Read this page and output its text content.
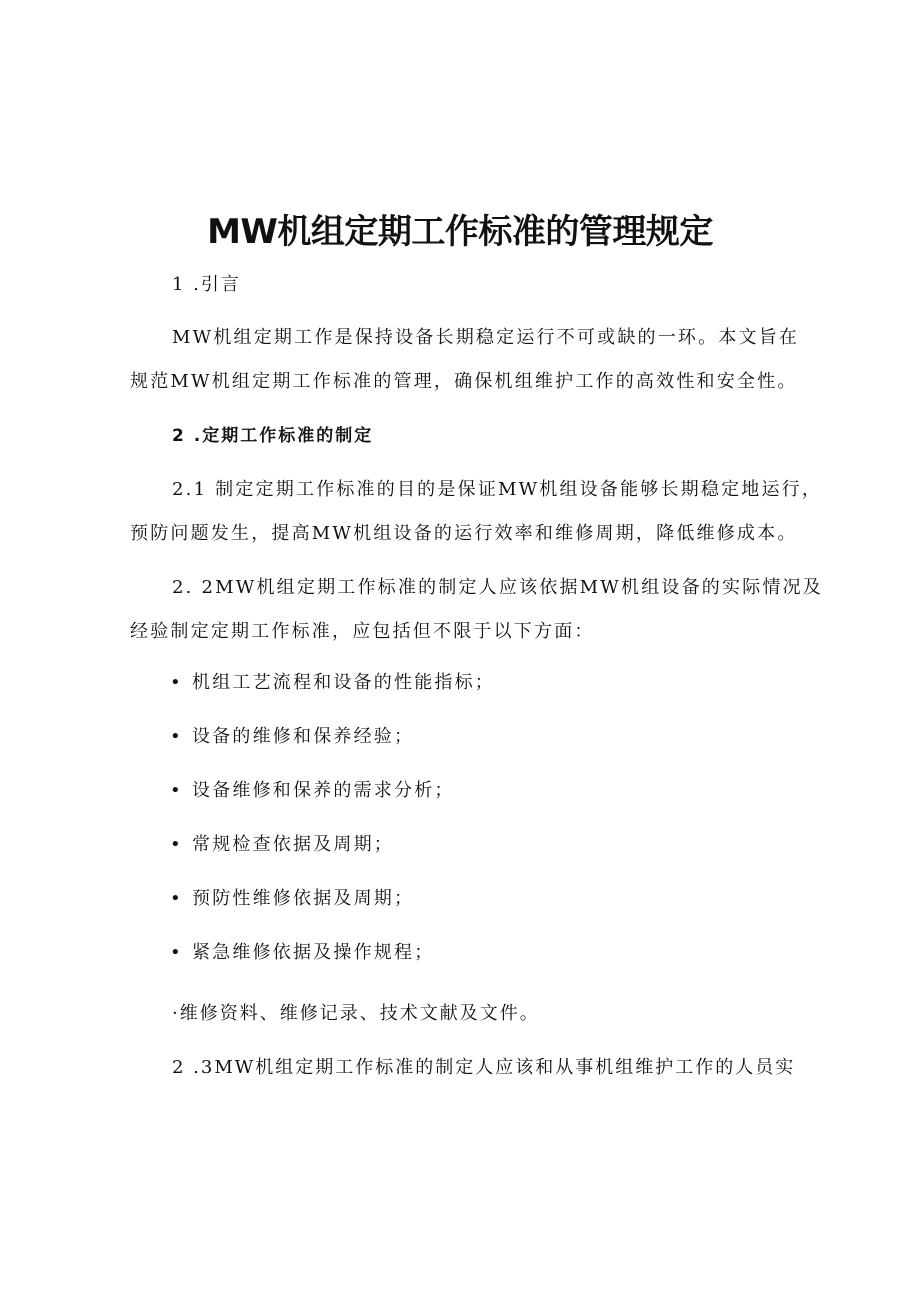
MW机组定期工作标准的管理规定
1 .引言
MW机组定期工作是保持设备长期稳定运行不可或缺的一环。本文旨在
规范MW机组定期工作标准的管理，确保机组维护工作的高效性和安全性。
2 .定期工作标准的制定
2.1 制定定期工作标准的目的是保证MW机组设备能够长期稳定地运行，
预防问题发生，提高MW机组设备的运行效率和维修周期，降低维修成本。
2. 2MW机组定期工作标准的制定人应该依据MW机组设备的实际情况及
经验制定定期工作标准，应包括但不限于以下方面：
• 机组工艺流程和设备的性能指标；
• 设备的维修和保养经验；
• 设备维修和保养的需求分析；
• 常规检查依据及周期；
• 预防性维修依据及周期；
• 紧急维修依据及操作规程；
·维修资料、维修记录、技术文献及文件。
2 .3MW机组定期工作标准的制定人应该和从事机组维护工作的人员实
